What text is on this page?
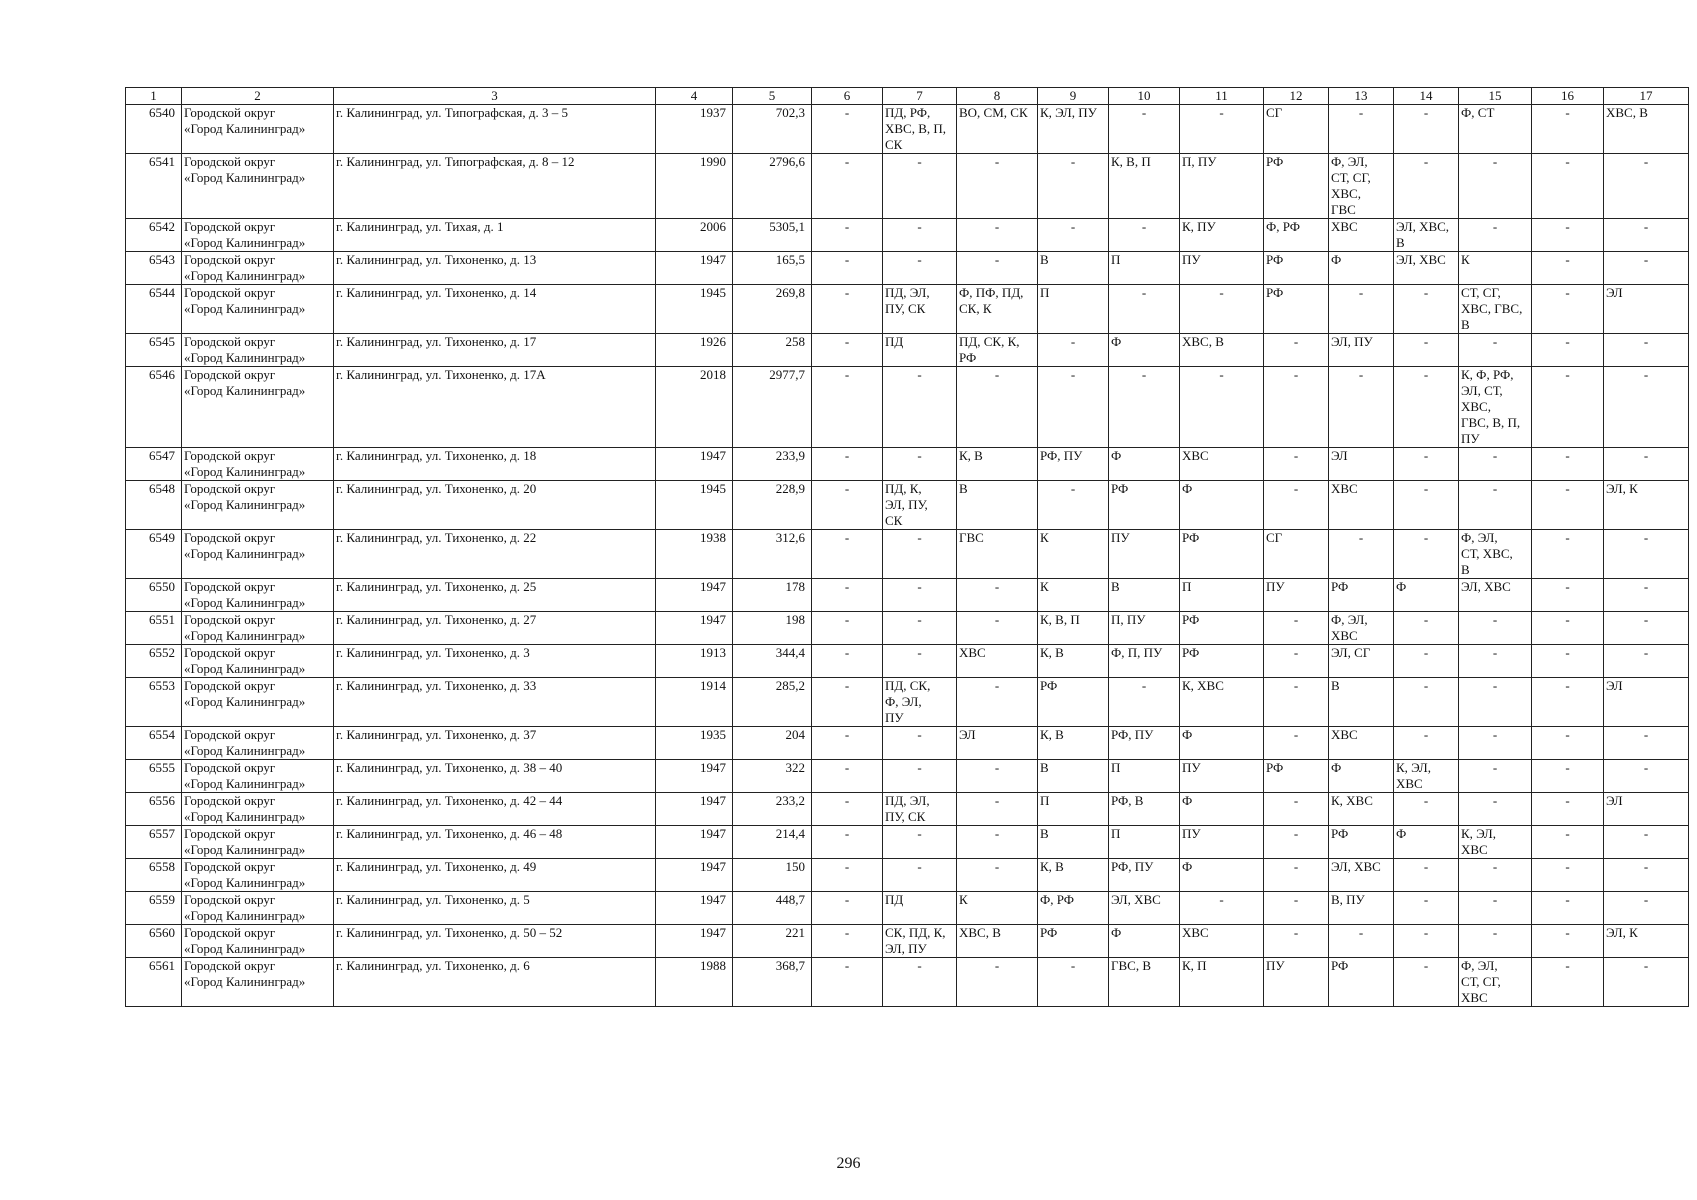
1	2	3	4	5	6	7	8	9	10	11	12	13	14	15	16	17
6540	Городской округ
«Город Калининград»	г. Калининград, ул. Типографская, д. 3 – 5	1937	702,3	-	ПД, РФ,
ХВС, В, П,
СК	ВО, СМ, СК	К, ЭЛ, ПУ	-	-	СГ	-	-	Ф, СТ	-	ХВС, В
6541	Городской округ
«Город Калининград»	г. Калининград, ул. Типографская, д. 8 – 12	1990	2796,6	-	-	-	-	К, В, П	П, ПУ	РФ	Ф, ЭЛ,
СТ, СГ,
ХВС,
ГВС	-	-	-	-
6542	Городской округ
«Город Калининград»	г. Калининград, ул. Тихая, д. 1	2006	5305,1	-	-	-	-	-	К, ПУ	Ф, РФ	ХВС	ЭЛ, ХВС,
В	-	-	-
6543	Городской округ
«Город Калининград»	г. Калининград, ул. Тихоненко, д. 13	1947	165,5	-	-	-	В	П	ПУ	РФ	Ф	ЭЛ, ХВС	К	-	-
6544	Городской округ
«Город Калининград»	г. Калининград, ул. Тихоненко, д. 14	1945	269,8	-	ПД, ЭЛ,
ПУ, СК	Ф, ПФ, ПД,
СК, К	П	-	-	РФ	-	-	СТ, СГ,
ХВС, ГВС,
В	-	ЭЛ
6545	Городской округ
«Город Калининград»	г. Калининград, ул. Тихоненко, д. 17	1926	258	-	ПД	ПД, СК, К,
РФ	-	Ф	ХВС, В	-	ЭЛ, ПУ	-	-	-	-
6546	Городской округ
«Город Калининград»	г. Калининград, ул. Тихоненко, д. 17А	2018	2977,7	-	-	-	-	-	-	-	-	-	К, Ф, РФ,
ЭЛ, СТ,
ХВС,
ГВС, В, П,
ПУ	-	-
6547	Городской округ
«Город Калининград»	г. Калининград, ул. Тихоненко, д. 18	1947	233,9	-	-	К, В	РФ, ПУ	Ф	ХВС	-	ЭЛ	-	-	-	-
6548	Городской округ
«Город Калининград»	г. Калининград, ул. Тихоненко, д. 20	1945	228,9	-	ПД, К,
ЭЛ, ПУ,
СК	В	-	РФ	Ф	-	ХВС	-	-	-	ЭЛ, К
6549	Городской округ
«Город Калининград»	г. Калининград, ул. Тихоненко, д. 22	1938	312,6	-	-	ГВС	К	ПУ	РФ	СГ	-	-	Ф, ЭЛ,
СТ, ХВС,
В	-	-
6550	Городской округ
«Город Калининград»	г. Калининград, ул. Тихоненко, д. 25	1947	178	-	-	-	К	В	П	ПУ	РФ	Ф	ЭЛ, ХВС	-	-
6551	Городской округ
«Город Калининград»	г. Калининград, ул. Тихоненко, д. 27	1947	198	-	-	-	К, В, П	П, ПУ	РФ	-	Ф, ЭЛ,
ХВС	-	-	-	-
6552	Городской округ
«Город Калининград»	г. Калининград, ул. Тихоненко, д. 3	1913	344,4	-	-	ХВС	К, В	Ф, П, ПУ	РФ	-	ЭЛ, СГ	-	-	-	-
6553	Городской округ
«Город Калининград»	г. Калининград, ул. Тихоненко, д. 33	1914	285,2	-	ПД, СК,
Ф, ЭЛ,
ПУ	-	РФ	-	К, ХВС	-	В	-	-	-	ЭЛ
6554	Городской округ
«Город Калининград»	г. Калининград, ул. Тихоненко, д. 37	1935	204	-	-	ЭЛ	К, В	РФ, ПУ	Ф	-	ХВС	-	-	-	-
6555	Городской округ
«Город Калининград»	г. Калининград, ул. Тихоненко, д. 38 – 40	1947	322	-	-	-	В	П	ПУ	РФ	Ф	К, ЭЛ,
ХВС	-	-	-
6556	Городской округ
«Город Калининград»	г. Калининград, ул. Тихоненко, д. 42 – 44	1947	233,2	-	ПД, ЭЛ,
ПУ, СК	-	П	РФ, В	Ф	-	К, ХВС	-	-	-	ЭЛ
6557	Городской округ
«Город Калининград»	г. Калининград, ул. Тихоненко, д. 46 – 48	1947	214,4	-	-	-	В	П	ПУ	-	РФ	Ф	К, ЭЛ,
ХВС	-	-
6558	Городской округ
«Город Калининград»	г. Калининград, ул. Тихоненко, д. 49	1947	150	-	-	-	К, В	РФ, ПУ	Ф	-	ЭЛ, ХВС	-	-	-	-
6559	Городской округ
«Город Калининград»	г. Калининград, ул. Тихоненко, д. 5	1947	448,7	-	ПД	К	Ф, РФ	ЭЛ, ХВС	-	-	В, ПУ	-	-	-	-
6560	Городской округ
«Город Калининград»	г. Калининград, ул. Тихоненко, д. 50 – 52	1947	221	-	СК, ПД, К,
ЭЛ, ПУ	ХВС, В	РФ	Ф	ХВС	-	-	-	-	-	ЭЛ, К
6561	Городской округ
«Город Калининград»	г. Калининград, ул. Тихоненко, д. 6	1988	368,7	-	-	-	-	ГВС, В	К, П	ПУ	РФ	-	Ф, ЭЛ,
СТ, СГ,
ХВС	-	-
296
